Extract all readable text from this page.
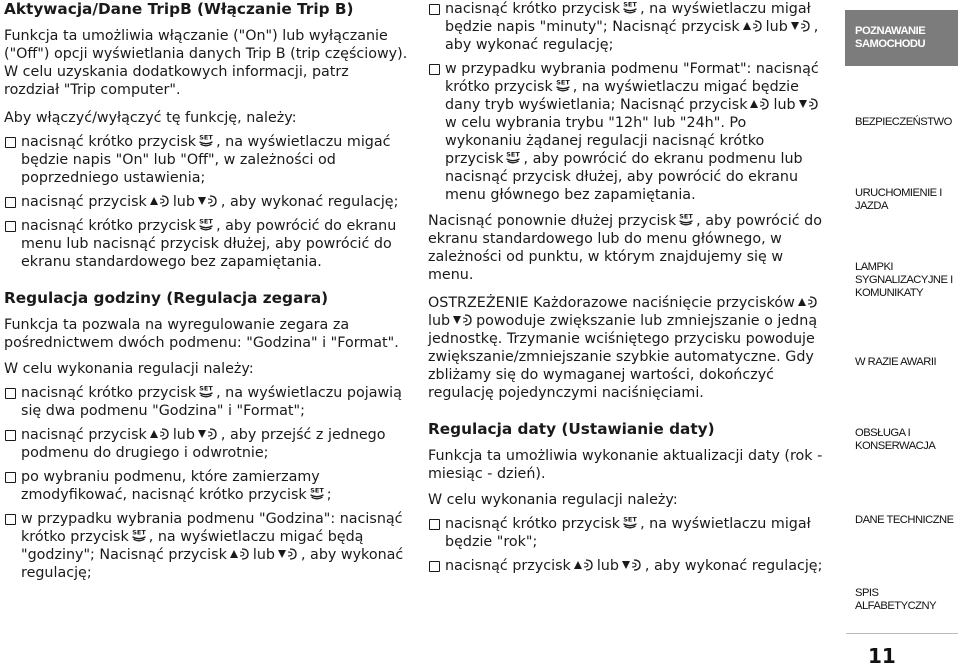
Aktywacja/Dane TripB (Włączanie Trip B)

Funkcja ta umożliwia włączanie ("On") lub wyłączanie ("Off") opcji wyświetlania danych Trip B (trip częściowy). W celu uzyskania dodatkowych informacji, patrz rozdział "Trip computer".

Aby włączyć/wyłączyć tę funkcję, należy:

nacisnąć krótko przycisk SET , na wyświetlaczu migać będzie napis "On" lub "Off", w zależności od poprzedniego ustawienia;
nacisnąć przycisk lub , aby wykonać regulację;
nacisnąć krótko przycisk SET , aby powrócić do ekranu menu lub nacisnąć przycisk dłużej, aby powrócić do ekranu standardowego bez zapamiętania.
Regulacja godziny (Regulacja zegara)

Funkcja ta pozwala na wyregulowanie zegara za pośrednictwem dwóch podmenu: "Godzina" i "Format".

W celu wykonania regulacji należy:

nacisnąć krótko przycisk SET , na wyświetlaczu pojawią się dwa podmenu "Godzina" i "Format";
nacisnąć przycisk lub , aby przejść z jednego podmenu do drugiego i odwrotnie;
po wybraniu podmenu, które zamierzamy zmodyfikować, nacisnąć krótko przycisk SET ;
w przypadku wybrania podmenu "Godzina": nacisnąć krótko przycisk SET , na wyświetlaczu migać będą "godziny"; Nacisnąć przycisk lub , aby wykonać regulację;
nacisnąć krótko przycisk SET , na wyświetlaczu migał będzie napis "minuty"; Nacisnąć przycisk lub , aby wykonać regulację;
w przypadku wybrania podmenu "Format": nacisnąć krótko przycisk SET , na wyświetlaczu migać będzie dany tryb wyświetlania; Nacisnąć przycisk lub
w celu wybrania trybu "12h" lub "24h". Po wykonaniu żądanej regulacji nacisnąć krótko przycisk SET , aby powrócić do ekranu podmenu lub nacisnąć przycisk dłużej, aby powrócić do ekranu menu głównego bez zapamiętania.

Nacisnąć ponownie dłużej przycisk SET , aby powrócić do ekranu standardowego lub do menu głównego, w zależności od punktu, w którym znajdujemy się w menu.

OSTRZEŻENIE Każdorazowe naciśnięcie przycisków
lub powoduje zwiększanie lub zmniejszanie o jedną jednostkę. Trzymanie wciśniętego przycisku powoduje zwiększanie/zmniejszanie szybkie automatyczne. Gdy zbliżamy się do wymaganej wartości, dokończyć regulację pojedynczymi naciśnięciami.

Regulacja daty (Ustawianie daty)

Funkcja ta umożliwia wykonanie aktualizacji daty (rok - miesiąc - dzień).

W celu wykonania regulacji należy:

nacisnąć krótko przycisk SET , na wyświetlaczu migał będzie "rok";
nacisnąć przycisk lub , aby wykonać regulację;
POZNAWANIE
SAMOCHODU
BEZPIECZEŃSTWO
URUCHOMIENIE I
JAZDA
LAMPKI
SYGNALIZACYJNE I
KOMUNIKATY
W RAZIE AWARII
OBSŁUGA I
KONSERWACJA
DANE TECHNICZNE
SPIS ALFABETYCZNY
11
